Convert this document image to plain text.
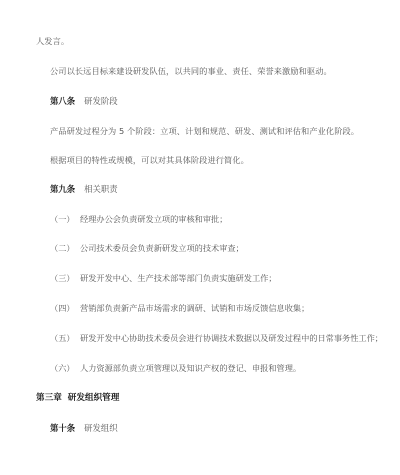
人发言。
公司以长远目标来建设研发队伍，以共同的事业、责任、荣誉来激励和驱动。
第八条 研发阶段
产品研发过程分为 5 个阶段：立项、计划和规范、研发、测试和评估和产业化阶段。
根据项目的特性或规模，可以对其具体阶段进行简化。
第九条 相关职责
（一） 经理办公会负责研发立项的审核和审批；
（二） 公司技术委员会负责新研发立项的技术审查；
（三） 研发开发中心、生产技术部等部门负责实施研发工作；
（四） 营销部负责新产品市场需求的调研、试销和市场反馈信息收集；
（五） 研发开发中心协助技术委员会进行协调技术数据以及研发过程中的日常事务性工作；
（六） 人力资源部负责立项管理以及知识产权的登记、申报和管理。
第三章 研发组织管理
第十条 研发组织
